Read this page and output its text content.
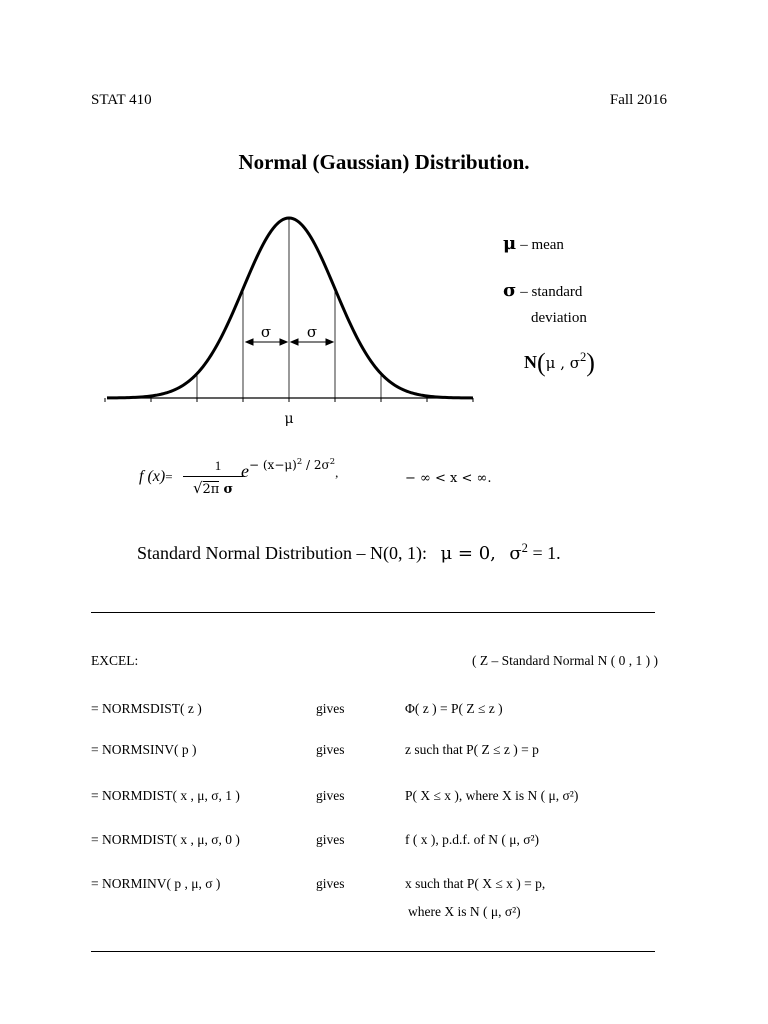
STAT 410	Fall 2016
Normal (Gaussian) Distribution.
σ σ
μ
μ – mean
σ – standard
deviation
N(μ , $\sigma^2$)
f $(x)= \frac{1}{\text{√2π σ}}$
$e^{- (x-\mu)^2 / 2\sigma^2}$,	− ∞ < x < ∞.
Standard Normal Distribution – N(0, 1): μ = 0, $\sigma^2 = 1$.
EXCEL:	( Z – Standard Normal N ( 0 , 1 ) )
= NORMSDIST( z )	gives	Φ( z ) = P( Z ≤ z )
= NORMSINV( p )	gives	z such that P( Z ≤ z ) = p
= NORMDIST( x , μ, σ, 1 )	gives	P( X ≤ x ), where X is N ( μ, σ²)
= NORMDIST( x , μ, σ, 0 )	gives	f ( x ), p.d.f. of N ( μ, σ²)
= NORMINV( p , μ, σ )	gives	x such that P( X ≤ x ) = p,
where X is N ( μ, σ²)
